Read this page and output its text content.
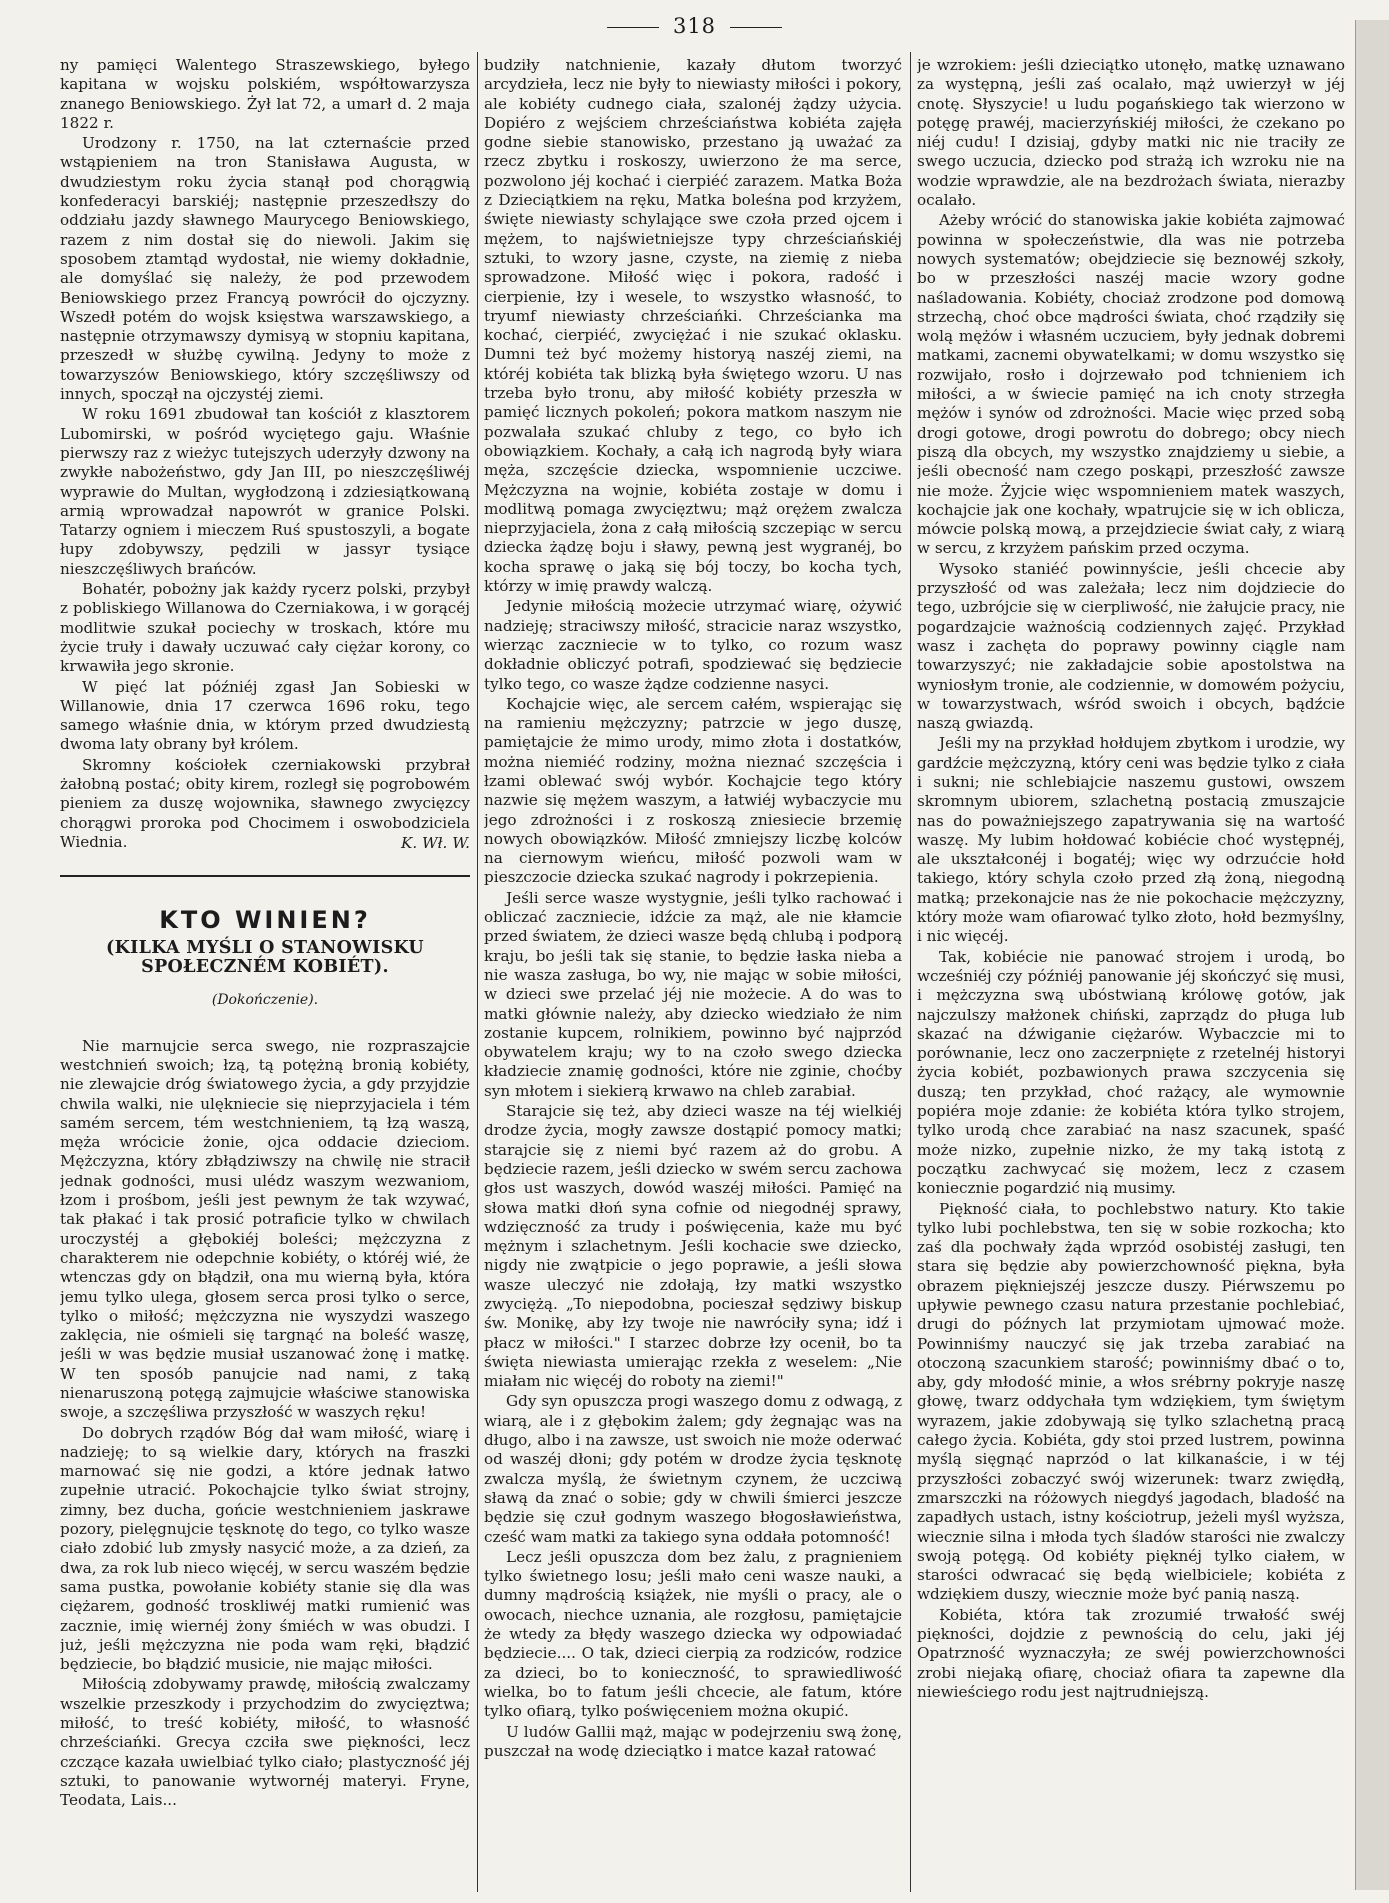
318

ny pamięci Walentego Straszewskiego, byłego kapitana w wojsku polskiém, współtowarzysza znanego Beniowskiego. Żył lat 72, a umarł d. 2 maja 1822 r.

Urodzony r. 1750, na lat czternaście przed wstąpieniem na tron Stanisława Augusta, w dwudziestym roku życia stanął pod chorągwią konfederacyi barskiéj; następnie przeszedłszy do oddziału jazdy sławnego Maurycego Beniowskiego, razem z nim dostał się do niewoli. Jakim się sposobem ztamtąd wydostał, nie wiemy dokładnie, ale domyślać się należy, że pod przewodem Beniowskiego przez Francyą powrócił do ojczyzny. Wszedł potém do wojsk księstwa warszawskiego, a następnie otrzymawszy dymisyą w stopniu kapitana, przeszedł w służbę cywilną. Jedyny to może z towarzyszów Beniowskiego, który szczęśliwszy od innych, spoczął na ojczystéj ziemi.

W roku 1691 zbudował tan kościół z klasztorem Lubomirski, w pośród wyciętego gaju. Właśnie pierwszy raz z wieżyc tutejszych uderzyły dzwony na zwykłe nabożeństwo, gdy Jan III, po nieszczęśliwéj wyprawie do Multan, wygłodzoną i zdziesiątkowaną armią wprowadzał napowrót w granice Polski. Tatarzy ogniem i mieczem Ruś spustoszyli, a bogate łupy zdobywszy, pędzili w jassyr tysiące nieszczęśliwych brańców.

Bohatér, pobożny jak każdy rycerz polski, przybył z pobliskiego Willanowa do Czerniakowa, i w gorącéj modlitwie szukał pociechy w troskach, które mu życie truły i dawały uczuwać cały ciężar korony, co krwawiła jego skronie.

W pięć lat późniéj zgasł Jan Sobieski w Willanowie, dnia 17 czerwca 1696 roku, tego samego właśnie dnia, w którym przed dwudziestą dwoma laty obrany był królem.

Skromny kościołek czerniakowski przybrał żałobną postać; obity kirem, rozległ się pogrobowém pieniem za duszę wojownika, sławnego zwycięzcy chorągwi proroka pod Chocimem i oswobodziciela Wiednia.	K. Wł. W.

KTO WINIEN?
(KILKA MYŚLI O STANOWISKU SPOŁECZNÉM KOBIÉT).

(Dokończenie).

Nie marnujcie serca swego, nie rozpraszajcie westchnień swoich; łzą, tą potężną bronią kobiéty, nie zlewajcie dróg światowego życia, a gdy przyjdzie chwila walki, nie ulękniecie się nieprzyjaciela i tém samém sercem, tém westchnieniem, tą łzą waszą, męża wrócicie żonie, ojca oddacie dzieciom. Mężczyzna, który zbłądziwszy na chwilę nie stracił jednak godności, musi ulédz waszym wezwaniom, łzom i prośbom, jeśli jest pewnym że tak wzywać, tak płakać i tak prosić potraficie tylko w chwilach uroczystéj a głębokiéj boleści; mężczyzna z charakterem nie odepchnie kobiéty, o któréj wié, że wtenczas gdy on błądził, ona mu wierną była, która jemu tylko ulega, głosem serca prosi tylko o serce, tylko o miłość; mężczyzna nie wyszydzi waszego zaklęcia, nie ośmieli się targnąć na boleść waszę, jeśli w was będzie musiał uszanować żonę i matkę. W ten sposób panujcie nad nami, z taką nienaruszoną potęgą zajmujcie właściwe stanowiska swoje, a szczęśliwa przyszłość w waszych ręku!

Do dobrych rządów Bóg dał wam miłość, wiarę i nadzieję; to są wielkie dary, których na fraszki marnować się nie godzi, a które jednak łatwo zupełnie utracić. Pokochajcie tylko świat strojny, zimny, bez ducha, gońcie westchnieniem jaskrawe pozory, pielęgnujcie tęsknotę do tego, co tylko wasze ciało zdobić lub zmysły nasycić może, a za dzień, za dwa, za rok lub nieco więcéj, w sercu waszém będzie sama pustka, powołanie kobiéty stanie się dla was ciężarem, godność troskliwéj matki rumienić was zacznie, imię wiernéj żony śmiéch w was obudzi. I już, jeśli mężczyzna nie poda wam ręki, błądzić będziecie, bo błądzić musicie, nie mając miłości.

Miłością zdobywamy prawdę, miłością zwalczamy wszelkie przeszkody i przychodzim do zwycięztwa; miłość, to treść kobiéty, miłość, to własność chrześciańki. Grecya czciła swe piękności, lecz czczące kazała uwielbiać tylko ciało; plastyczność jéj sztuki, to panowanie wytwornéj materyi. Fryne, Teodata, Lais...

budziły natchnienie, kazały dłutom tworzyć arcydzieła, lecz nie były to niewiasty miłości i pokory, ale kobiéty cudnego ciała, szalonéj żądzy użycia. Dopiéro z wejściem chrześciaństwa kobiéta zajęła godne siebie stanowisko, przestano ją uważać za rzecz zbytku i roskoszy, uwierzono że ma serce, pozwolono jéj kochać i cierpiéć zarazem. Matka Boża z Dzieciątkiem na ręku, Matka boleśna pod krzyżem, święte niewiasty schylające swe czoła przed ojcem i mężem, to najświetniejsze typy chrześciańskiéj sztuki, to wzory jasne, czyste, na ziemię z nieba sprowadzone. Miłość więc i pokora, radość i cierpienie, łzy i wesele, to wszystko własność, to tryumf niewiasty chrześciańki. Chrześcianka ma kochać, cierpiéć, zwyciężać i nie szukać oklasku. Dumni też być możemy historyą naszéj ziemi, na któréj kobiéta tak blizką była świętego wzoru. U nas trzeba było tronu, aby miłość kobiéty przeszła w pamięć licznych pokoleń; pokora matkom naszym nie pozwalała szukać chluby z tego, co było ich obowiązkiem. Kochały, a całą ich nagrodą były wiara męża, szczęście dziecka, wspomnienie uczciwe. Mężczyzna na wojnie, kobiéta zostaje w domu i modlitwą pomaga zwycięztwu; mąż orężem zwalcza nieprzyjaciela, żona z całą miłością szczepiąc w sercu dziecka żądzę boju i sławy, pewną jest wygranéj, bo kocha sprawę o jaką się bój toczy, bo kocha tych, którzy w imię prawdy walczą.

Jedynie miłością możecie utrzymać wiarę, ożywić nadzieję; straciwszy miłość, stracicie naraz wszystko, wierząc zaczniecie w to tylko, co rozum wasz dokładnie obliczyć potrafi, spodziewać się będziecie tylko tego, co wasze żądze codzienne nasyci.

Kochajcie więc, ale sercem całém, wspierając się na ramieniu mężczyzny; patrzcie w jego duszę, pamiętajcie że mimo urody, mimo złota i dostatków, można niemiéć rodziny, można nieznać szczęścia i łzami oblewać swój wybór. Kochajcie tego który nazwie się mężem waszym, a łatwiéj wybaczycie mu jego zdrożności i z roskoszą zniesiecie brzemię nowych obowiązków. Miłość zmniejszy liczbę kolców na ciernowym wieńcu, miłość pozwoli wam w pieszczocie dziecka szukać nagrody i pokrzepienia.

Jeśli serce wasze wystygnie, jeśli tylko rachować i obliczać zaczniecie, idźcie za mąż, ale nie kłamcie przed światem, że dzieci wasze będą chlubą i podporą kraju, bo jeśli tak się stanie, to będzie łaska nieba a nie wasza zasługa, bo wy, nie mając w sobie miłości, w dzieci swe przelać jéj nie możecie. A do was to matki głównie należy, aby dziecko wiedziało że nim zostanie kupcem, rolnikiem, powinno być najprzód obywatelem kraju; wy to na czoło swego dziecka kładziecie znamię godności, które nie zginie, choćby syn młotem i siekierą krwawo na chleb zarabiał.

Starajcie się też, aby dzieci wasze na téj wielkiéj drodze życia, mogły zawsze dostąpić pomocy matki; starajcie się z niemi być razem aż do grobu. A będziecie razem, jeśli dziecko w swém sercu zachowa głos ust waszych, dowód waszéj miłości. Pamięć na słowa matki dłoń syna cofnie od niegodnéj sprawy, wdzięczność za trudy i poświęcenia, każe mu być mężnym i szlachetnym. Jeśli kochacie swe dziecko, nigdy nie zwątpicie o jego poprawie, a jeśli słowa wasze uleczyć nie zdołają, łzy matki wszystko zwyciężą. „To niepodobna, pocieszał sędziwy biskup św. Monikę, aby łzy twoje nie nawróciły syna; idź i płacz w miłości." I starzec dobrze łzy ocenił, bo ta święta niewiasta umierając rzekła z weselem: „Nie miałam nic więcéj do roboty na ziemi!"

Gdy syn opuszcza progi waszego domu z odwagą, z wiarą, ale i z głębokim żalem; gdy żegnając was na długo, albo i na zawsze, ust swoich nie może oderwać od waszéj dłoni; gdy potém w drodze życia tęsknotę zwalcza myślą, że świetnym czynem, że uczciwą sławą da znać o sobie; gdy w chwili śmierci jeszcze będzie się czuł godnym waszego błogosławieństwa, cześć wam matki za takiego syna oddała potomność!

Lecz jeśli opuszcza dom bez żalu, z pragnieniem tylko świetnego losu; jeśli mało ceni wasze nauki, a dumny mądrością książek, nie myśli o pracy, ale o owocach, niechce uznania, ale rozgłosu, pamiętajcie że wtedy za błędy waszego dziecka wy odpowiadać będziecie.... O tak, dzieci cierpią za rodziców, rodzice za dzieci, bo to konieczność, to sprawiedliwość wielka, bo to fatum jeśli chcecie, ale fatum, które tylko ofiarą, tylko poświęceniem można okupić.

U ludów Gallii mąż, mając w podejrzeniu swą żonę, puszczał na wodę dzieciątko i matce kazał ratować

je wzrokiem: jeśli dzieciątko utonęło, matkę uznawano za występną, jeśli zaś ocalało, mąż uwierzył w jéj cnotę. Słyszycie! u ludu pogańskiego tak wierzono w potęgę prawéj, macierzyńskiéj miłości, że czekano po niéj cudu! I dzisiaj, gdyby matki nic nie traciły ze swego uczucia, dziecko pod strażą ich wzroku nie na wodzie wprawdzie, ale na bezdrożach świata, nierazby ocalało.

Ażeby wrócić do stanowiska jakie kobiéta zajmować powinna w społeczeństwie, dla was nie potrzeba nowych systematów; obejdziecie się beznowéj szkoły, bo w przeszłości naszéj macie wzory godne naśladowania. Kobiéty, chociaż zrodzone pod domową strzechą, choć obce mądrości świata, choć rządziły się wolą mężów i własném uczuciem, były jednak dobremi matkami, zacnemi obywatelkami; w domu wszystko się rozwijało, rosło i dojrzewało pod tchnieniem ich miłości, a w świecie pamięć na ich cnoty strzegła mężów i synów od zdrożności. Macie więc przed sobą drogi gotowe, drogi powrotu do dobrego; obcy niech piszą dla obcych, my wszystko znajdziemy u siebie, a jeśli obecność nam czego poskąpi, przeszłość zawsze nie może. Żyjcie więc wspomnieniem matek waszych, kochajcie jak one kochały, wpatrujcie się w ich oblicza, mówcie polską mową, a przejdziecie świat cały, z wiarą w sercu, z krzyżem pańskim przed oczyma.

Wysoko staniéć powinnyście, jeśli chcecie aby przyszłość od was zależała; lecz nim dojdziecie do tego, uzbrójcie się w cierpliwość, nie żałujcie pracy, nie pogardzajcie ważnością codziennych zajęć. Przykład wasz i zachęta do poprawy powinny ciągle nam towarzyszyć; nie zakładajcie sobie apostolstwa na wyniosłym tronie, ale codziennie, w domowém pożyciu, w towarzystwach, wśród swoich i obcych, bądźcie naszą gwiazdą.

Jeśli my na przykład hołdujem zbytkom i urodzie, wy gardźcie mężczyzną, który ceni was będzie tylko z ciała i sukni; nie schlebiajcie naszemu gustowi, owszem skromnym ubiorem, szlachetną postacią zmuszajcie nas do poważniejszego zapatrywania się na wartość waszę. My lubim hołdować kobiécie choć występnéj, ale ukształconéj i bogatéj; więc wy odrzućcie hołd takiego, który schyla czoło przed złą żoną, niegodną matką; przekonajcie nas że nie pokochacie mężczyzny, który może wam ofiarować tylko złoto, hołd bezmyślny, i nic więcéj.

Tak, kobiécie nie panować strojem i urodą, bo wcześniéj czy późniéj panowanie jéj skończyć się musi, i mężczyzna swą ubóstwianą królowę gotów, jak najczulszy małżonek chiński, zaprządz do pługa lub skazać na dźwiganie ciężarów. Wybaczcie mi to porównanie, lecz ono zaczerpnięte z rzetelnéj historyi życia kobiét, pozbawionych prawa szczycenia się duszą; ten przykład, choć rażący, ale wymownie popiéra moje zdanie: że kobiéta która tylko strojem, tylko urodą chce zarabiać na nasz szacunek, spaść może nizko, zupełnie nizko, że my taką istotą z początku zachwycać się możem, lecz z czasem koniecznie pogardzić nią musimy.

Piękność ciała, to pochlebstwo natury. Kto takie tylko lubi pochlebstwa, ten się w sobie rozkocha; kto zaś dla pochwały żąda wprzód osobistéj zasługi, ten stara się będzie aby powierzchowność piękna, była obrazem piękniejszéj jeszcze duszy. Piérwszemu po upływie pewnego czasu natura przestanie pochlebiać, drugi do późnych lat przymiotam ujmować może. Powinniśmy nauczyć się jak trzeba zarabiać na otoczoną szacunkiem starość; powinniśmy dbać o to, aby, gdy młodość minie, a włos srébrny pokryje naszę głowę, twarz oddychała tym wdziękiem, tym świętym wyrazem, jakie zdobywają się tylko szlachetną pracą całego życia. Kobiéta, gdy stoi przed lustrem, powinna myślą sięgnąć naprzód o lat kilkanaście, i w téj przyszłości zobaczyć swój wizerunek: twarz zwiędłą, zmarszczki na różowych niegdyś jagodach, bladość na zapadłych ustach, istny kościotrup, jeżeli myśl wyższa, wiecznie silna i młoda tych śladów starości nie zwalczy swoją potęgą. Od kobiéty pięknéj tylko ciałem, w starości odwracać się będą wielbiciele; kobiéta z wdziękiem duszy, wiecznie może być panią naszą.

Kobiéta, która tak zrozumié trwałość swéj piękności, dojdzie z pewnością do celu, jaki jéj Opatrzność wyznaczyła; ze swéj powierzchowności zrobi niejaką ofiarę, chociaż ofiara ta zapewne dla niewieściego rodu jest najtrudniejszą.
